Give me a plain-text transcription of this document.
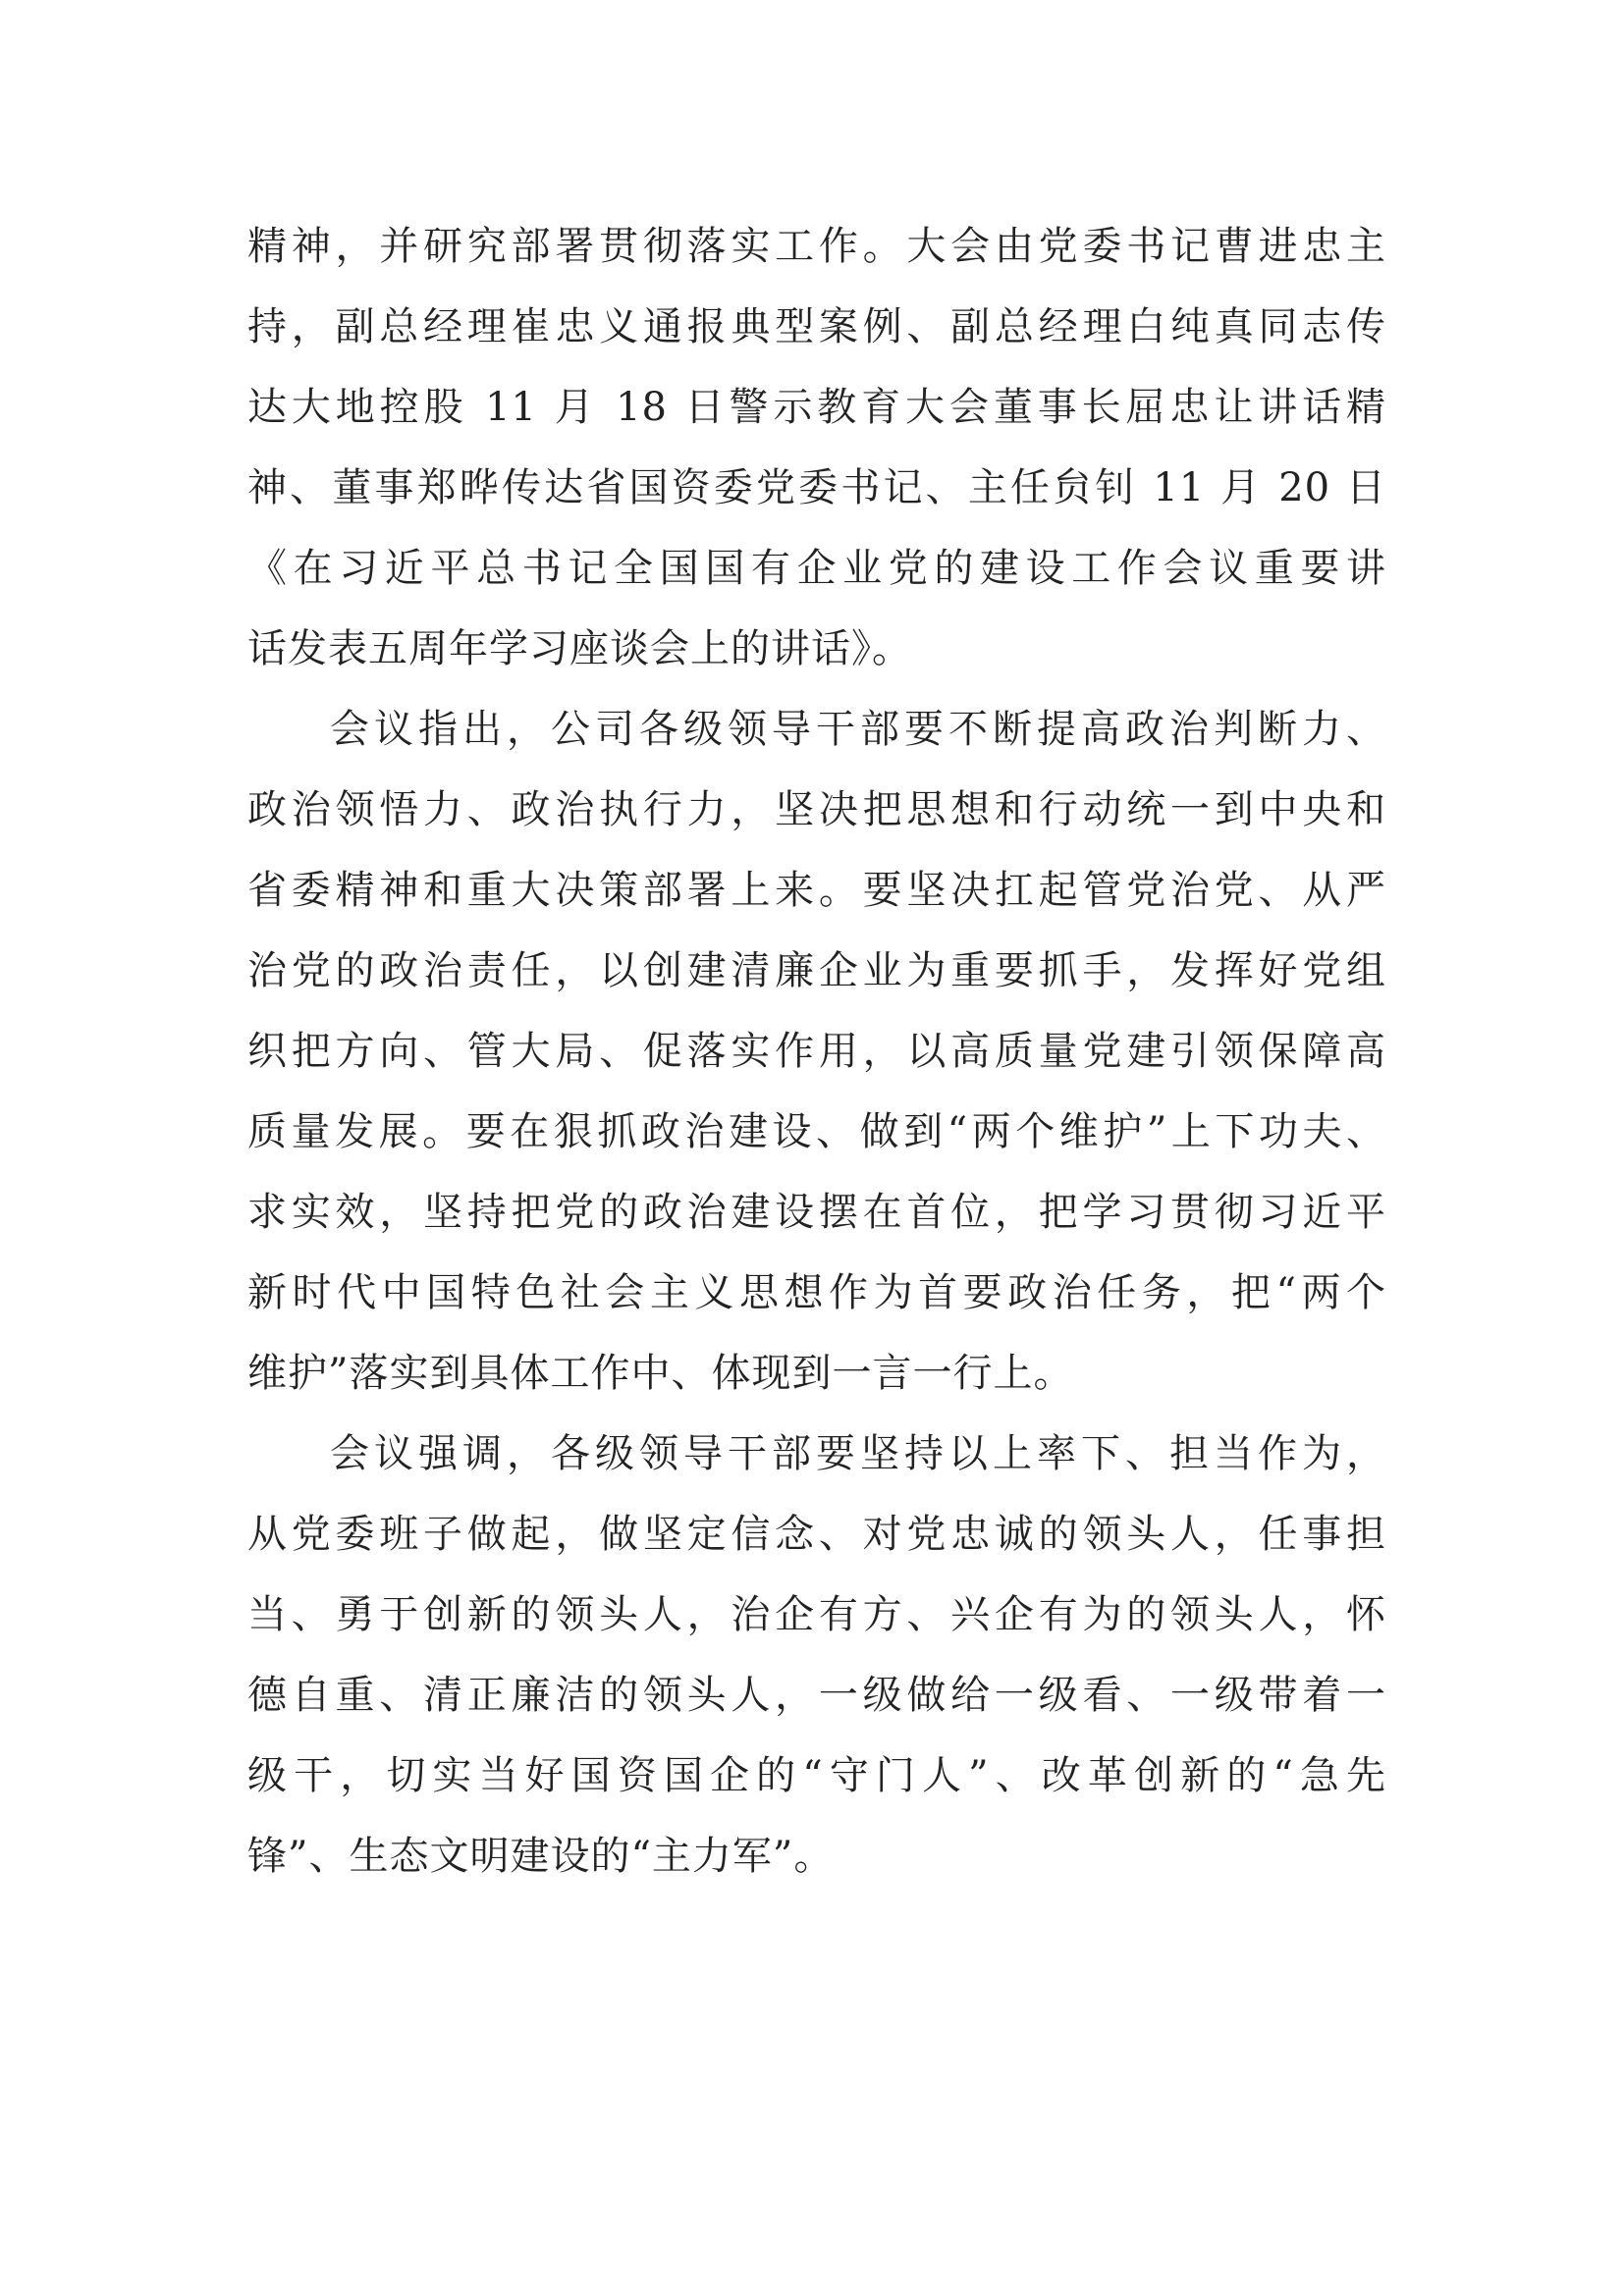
精神，并研究部署贯彻落实工作。大会由党委书记曹进忠主
持，副总经理崔忠义通报典型案例、副总经理白纯真同志传
达大地控股 11 月 18 日警示教育大会董事长屈忠让讲话精
神、董事郑晔传达省国资委党委书记、主任贠钊 11 月 20 日
《在习近平总书记全国国有企业党的建设工作会议重要讲
话发表五周年学习座谈会上的讲话》。
会议指出，公司各级领导干部要不断提高政治判断力、
政治领悟力、政治执行力，坚决把思想和行动统一到中央和
省委精神和重大决策部署上来。要坚决扛起管党治党、从严
治党的政治责任，以创建清廉企业为重要抓手，发挥好党组
织把方向、管大局、促落实作用，以高质量党建引领保障高
质量发展。要在狠抓政治建设、做到“两个维护”上下功夫、
求实效，坚持把党的政治建设摆在首位，把学习贯彻习近平
新时代中国特色社会主义思想作为首要政治任务，把“两个
维护”落实到具体工作中、体现到一言一行上。
会议强调，各级领导干部要坚持以上率下、担当作为，
从党委班子做起，做坚定信念、对党忠诚的领头人，任事担
当、勇于创新的领头人，治企有方、兴企有为的领头人，怀
德自重、清正廉洁的领头人，一级做给一级看、一级带着一
级干，切实当好国资国企的“守门人”、改革创新的“急先
锋”、生态文明建设的“主力军”。
